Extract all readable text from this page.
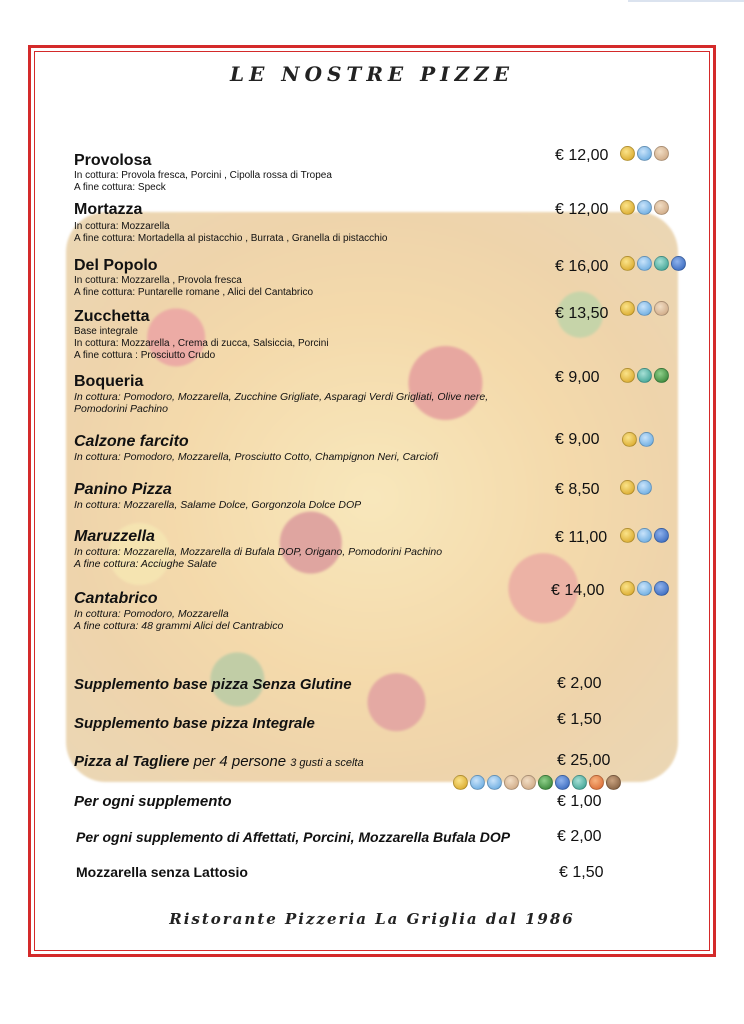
LE NOSTRE PIZZE
Provolosa
In cottura: Provola fresca, Porcini , Cipolla rossa di Tropea
A fine cottura: Speck
€ 12,00
Mortazza
In cottura: Mozzarella
A fine cottura: Mortadella al pistacchio , Burrata , Granella di pistacchio
€ 12,00
Del Popolo
In cottura: Mozzarella , Provola fresca
A fine cottura: Puntarelle romane , Alici del Cantabrico
€ 16,00
Zucchetta
Base integrale
In cottura: Mozzarella , Crema di zucca, Salsiccia, Porcini
A fine cottura : Prosciutto Crudo
€ 13,50
Boqueria
In cottura: Pomodoro, Mozzarella, Zucchine Grigliate, Asparagi Verdi Grigliati, Olive nere,
Pomodorini Pachino
€ 9,00
Calzone farcito
In cottura: Pomodoro, Mozzarella, Prosciutto Cotto, Champignon Neri, Carciofi
€ 9,00
Panino Pizza
In cottura: Mozzarella, Salame Dolce, Gorgonzola Dolce DOP
€ 8,50
Maruzzella
In cottura: Mozzarella, Mozzarella di Bufala DOP, Origano, Pomodorini Pachino
A fine cottura: Acciughe Salate
€ 11,00
Cantabrico
In cottura: Pomodoro, Mozzarella
A fine cottura: 48 grammi Alici del Cantrabico
€ 14,00
Supplemento base pizza Senza Glutine	€ 2,00
Supplemento base pizza Integrale	€ 1,50
Pizza al Tagliere per 4 persone 3 gusti a scelta	€ 25,00
Per ogni supplemento	€ 1,00
Per ogni supplemento di Affettati, Porcini, Mozzarella Bufala DOP	€ 2,00
Mozzarella senza Lattosio	€ 1,50
Ristorante Pizzeria La Griglia dal 1986
